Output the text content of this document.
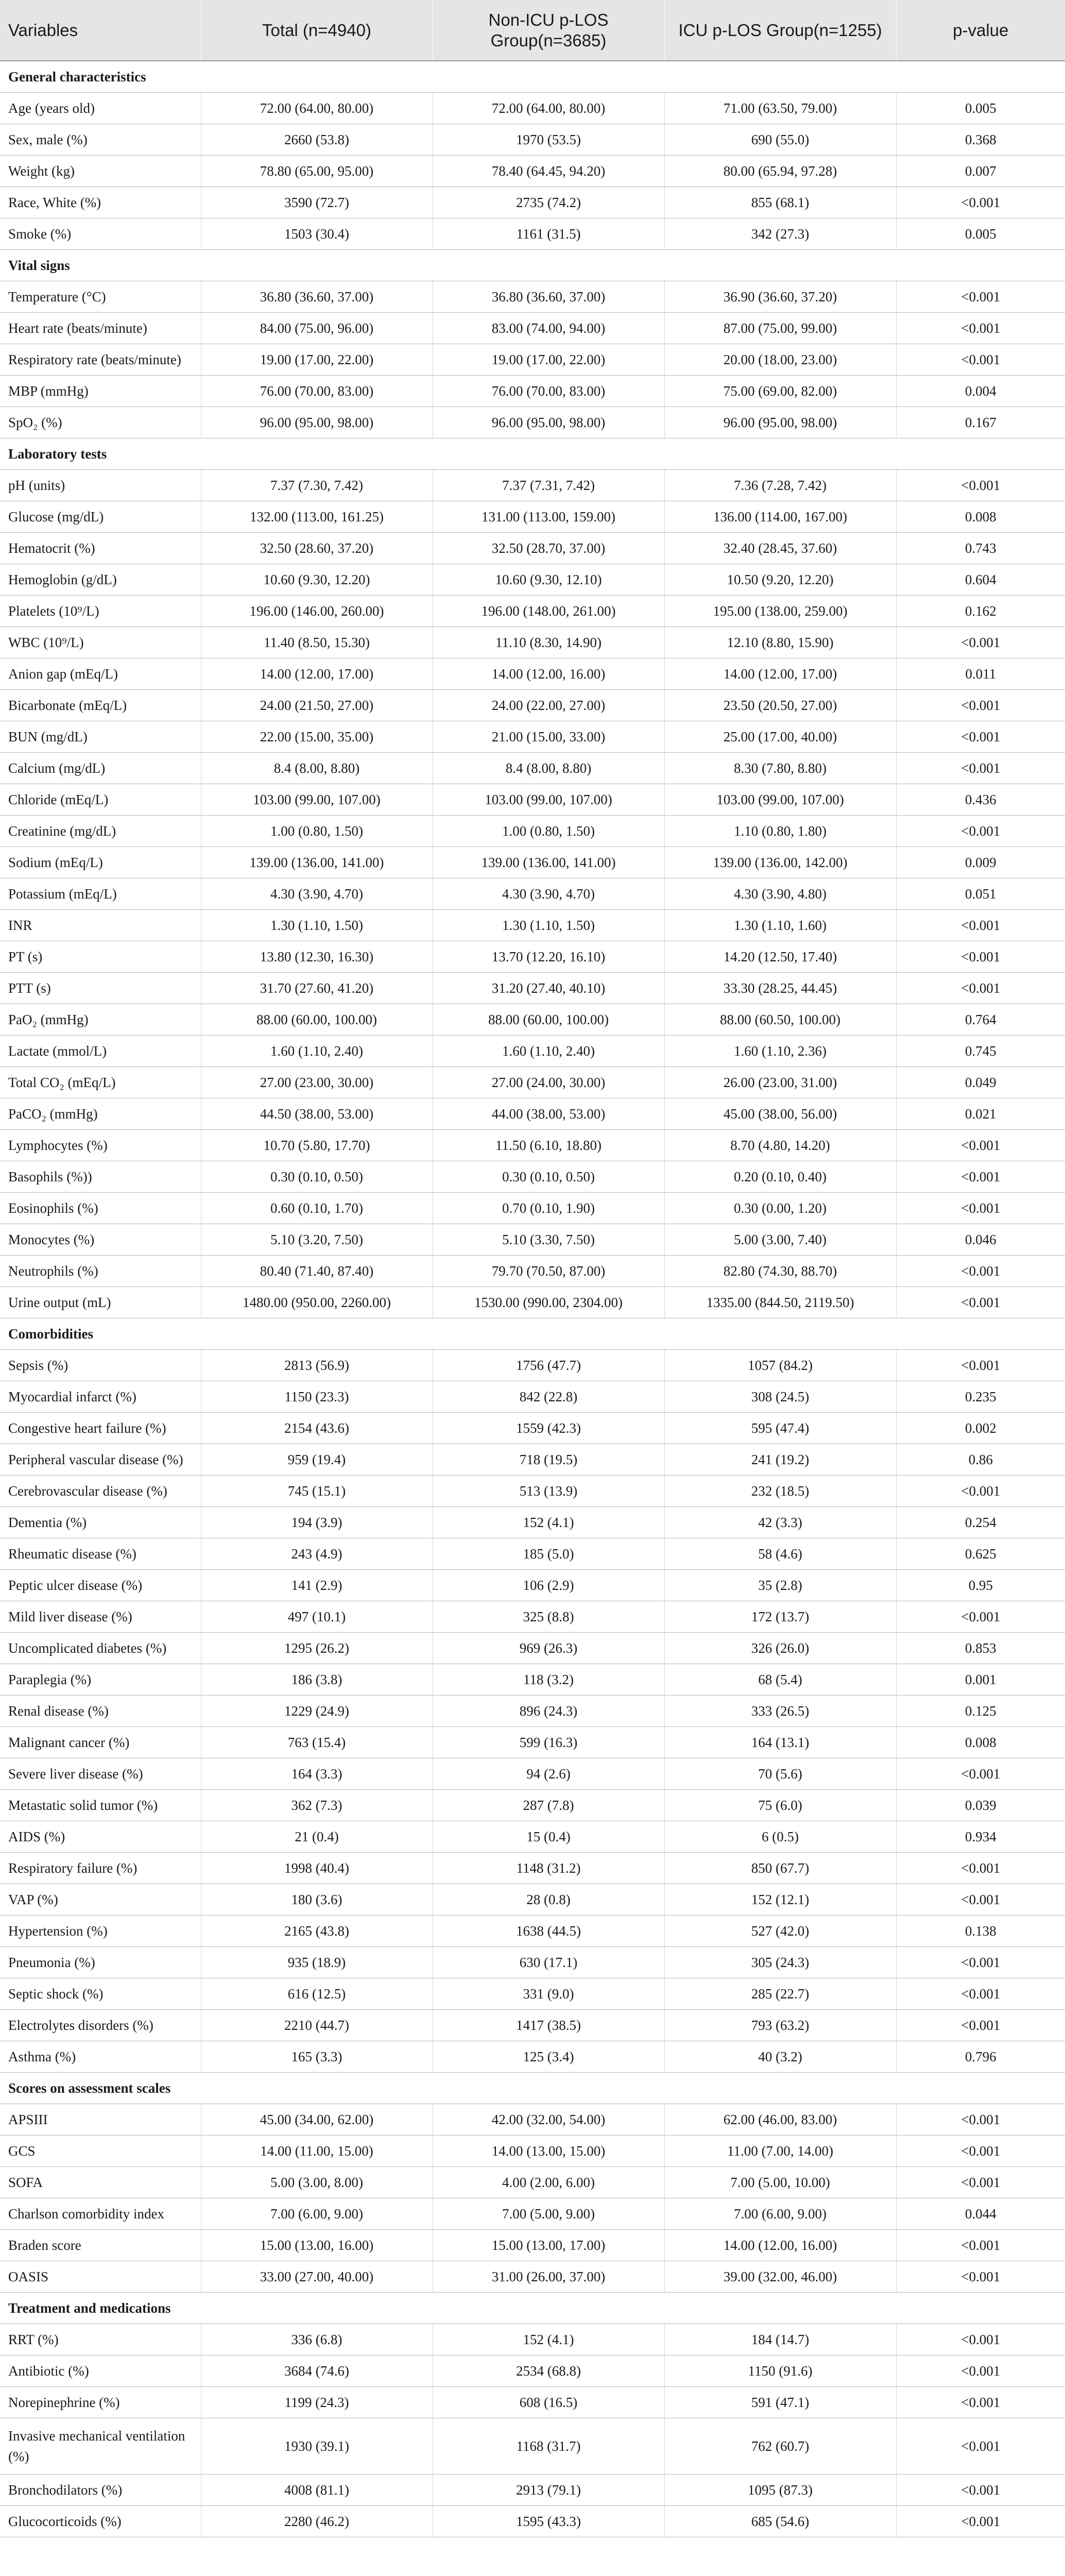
Variables	Total (n=4940)	Non-ICU p-LOS Group(n=3685)	ICU p-LOS Group(n=1255)	p-value
General characteristics				
Age (years old)	72.00 (64.00, 80.00)	72.00 (64.00, 80.00)	71.00 (63.50, 79.00)	0.005
Sex, male (%)	2660 (53.8)	1970 (53.5)	690 (55.0)	0.368
Weight (kg)	78.80 (65.00, 95.00)	78.40 (64.45, 94.20)	80.00 (65.94, 97.28)	0.007
Race, White (%)	3590 (72.7)	2735 (74.2)	855 (68.1)	<0.001
Smoke (%)	1503 (30.4)	1161 (31.5)	342 (27.3)	0.005
Vital signs				
Temperature (°C)	36.80 (36.60, 37.00)	36.80 (36.60, 37.00)	36.90 (36.60, 37.20)	<0.001
Heart rate (beats/minute)	84.00 (75.00, 96.00)	83.00 (74.00, 94.00)	87.00 (75.00, 99.00)	<0.001
Respiratory rate (beats/minute)	19.00 (17.00, 22.00)	19.00 (17.00, 22.00)	20.00 (18.00, 23.00)	<0.001
MBP (mmHg)	76.00 (70.00, 83.00)	76.00 (70.00, 83.00)	75.00 (69.00, 82.00)	0.004
SpO₂ (%)	96.00 (95.00, 98.00)	96.00 (95.00, 98.00)	96.00 (95.00, 98.00)	0.167
Laboratory tests				
pH (units)	7.37 (7.30, 7.42)	7.37 (7.31, 7.42)	7.36 (7.28, 7.42)	<0.001
Glucose (mg/dL)	132.00 (113.00, 161.25)	131.00 (113.00, 159.00)	136.00 (114.00, 167.00)	0.008
Hematocrit (%)	32.50 (28.60, 37.20)	32.50 (28.70, 37.00)	32.40 (28.45, 37.60)	0.743
Hemoglobin (g/dL)	10.60 (9.30, 12.20)	10.60 (9.30, 12.10)	10.50 (9.20, 12.20)	0.604
Platelets (10⁹/L)	196.00 (146.00, 260.00)	196.00 (148.00, 261.00)	195.00 (138.00, 259.00)	0.162
WBC (10⁹/L)	11.40 (8.50, 15.30)	11.10 (8.30, 14.90)	12.10 (8.80, 15.90)	<0.001
Anion gap (mEq/L)	14.00 (12.00, 17.00)	14.00 (12.00, 16.00)	14.00 (12.00, 17.00)	0.011
Bicarbonate (mEq/L)	24.00 (21.50, 27.00)	24.00 (22.00, 27.00)	23.50 (20.50, 27.00)	<0.001
BUN (mg/dL)	22.00 (15.00, 35.00)	21.00 (15.00, 33.00)	25.00 (17.00, 40.00)	<0.001
Calcium (mg/dL)	8.4 (8.00, 8.80)	8.4 (8.00, 8.80)	8.30 (7.80, 8.80)	<0.001
Chloride (mEq/L)	103.00 (99.00, 107.00)	103.00 (99.00, 107.00)	103.00 (99.00, 107.00)	0.436
Creatinine (mg/dL)	1.00 (0.80, 1.50)	1.00 (0.80, 1.50)	1.10 (0.80, 1.80)	<0.001
Sodium (mEq/L)	139.00 (136.00, 141.00)	139.00 (136.00, 141.00)	139.00 (136.00, 142.00)	0.009
Potassium (mEq/L)	4.30 (3.90, 4.70)	4.30 (3.90, 4.70)	4.30 (3.90, 4.80)	0.051
INR	1.30 (1.10, 1.50)	1.30 (1.10, 1.50)	1.30 (1.10, 1.60)	<0.001
PT (s)	13.80 (12.30, 16.30)	13.70 (12.20, 16.10)	14.20 (12.50, 17.40)	<0.001
PTT (s)	31.70 (27.60, 41.20)	31.20 (27.40, 40.10)	33.30 (28.25, 44.45)	<0.001
PaO₂ (mmHg)	88.00 (60.00, 100.00)	88.00 (60.00, 100.00)	88.00 (60.50, 100.00)	0.764
Lactate (mmol/L)	1.60 (1.10, 2.40)	1.60 (1.10, 2.40)	1.60 (1.10, 2.36)	0.745
Total CO₂ (mEq/L)	27.00 (23.00, 30.00)	27.00 (24.00, 30.00)	26.00 (23.00, 31.00)	0.049
PaCO₂ (mmHg)	44.50 (38.00, 53.00)	44.00 (38.00, 53.00)	45.00 (38.00, 56.00)	0.021
Lymphocytes (%)	10.70 (5.80, 17.70)	11.50 (6.10, 18.80)	8.70 (4.80, 14.20)	<0.001
Basophils (%))	0.30 (0.10, 0.50)	0.30 (0.10, 0.50)	0.20 (0.10, 0.40)	<0.001
Eosinophils (%)	0.60 (0.10, 1.70)	0.70 (0.10, 1.90)	0.30 (0.00, 1.20)	<0.001
Monocytes (%)	5.10 (3.20, 7.50)	5.10 (3.30, 7.50)	5.00 (3.00, 7.40)	0.046
Neutrophils (%)	80.40 (71.40, 87.40)	79.70 (70.50, 87.00)	82.80 (74.30, 88.70)	<0.001
Urine output (mL)	1480.00 (950.00, 2260.00)	1530.00 (990.00, 2304.00)	1335.00 (844.50, 2119.50)	<0.001
Comorbidities				
Sepsis (%)	2813 (56.9)	1756 (47.7)	1057 (84.2)	<0.001
Myocardial infarct (%)	1150 (23.3)	842 (22.8)	308 (24.5)	0.235
Congestive heart failure (%)	2154 (43.6)	1559 (42.3)	595 (47.4)	0.002
Peripheral vascular disease (%)	959 (19.4)	718 (19.5)	241 (19.2)	0.86
Cerebrovascular disease (%)	745 (15.1)	513 (13.9)	232 (18.5)	<0.001
Dementia (%)	194 (3.9)	152 (4.1)	42 (3.3)	0.254
Rheumatic disease (%)	243 (4.9)	185 (5.0)	58 (4.6)	0.625
Peptic ulcer disease (%)	141 (2.9)	106 (2.9)	35 (2.8)	0.95
Mild liver disease (%)	497 (10.1)	325 (8.8)	172 (13.7)	<0.001
Uncomplicated diabetes (%)	1295 (26.2)	969 (26.3)	326 (26.0)	0.853
Paraplegia (%)	186 (3.8)	118 (3.2)	68 (5.4)	0.001
Renal disease (%)	1229 (24.9)	896 (24.3)	333 (26.5)	0.125
Malignant cancer (%)	763 (15.4)	599 (16.3)	164 (13.1)	0.008
Severe liver disease (%)	164 (3.3)	94 (2.6)	70 (5.6)	<0.001
Metastatic solid tumor (%)	362 (7.3)	287 (7.8)	75 (6.0)	0.039
AIDS (%)	21 (0.4)	15 (0.4)	6 (0.5)	0.934
Respiratory failure (%)	1998 (40.4)	1148 (31.2)	850 (67.7)	<0.001
VAP (%)	180 (3.6)	28 (0.8)	152 (12.1)	<0.001
Hypertension (%)	2165 (43.8)	1638 (44.5)	527 (42.0)	0.138
Pneumonia (%)	935 (18.9)	630 (17.1)	305 (24.3)	<0.001
Septic shock (%)	616 (12.5)	331 (9.0)	285 (22.7)	<0.001
Electrolytes disorders (%)	2210 (44.7)	1417 (38.5)	793 (63.2)	<0.001
Asthma (%)	165 (3.3)	125 (3.4)	40 (3.2)	0.796
Scores on assessment scales				
APSIII	45.00 (34.00, 62.00)	42.00 (32.00, 54.00)	62.00 (46.00, 83.00)	<0.001
GCS	14.00 (11.00, 15.00)	14.00 (13.00, 15.00)	11.00 (7.00, 14.00)	<0.001
SOFA	5.00 (3.00, 8.00)	4.00 (2.00, 6.00)	7.00 (5.00, 10.00)	<0.001
Charlson comorbidity index	7.00 (6.00, 9.00)	7.00 (5.00, 9.00)	7.00 (6.00, 9.00)	0.044
Braden score	15.00 (13.00, 16.00)	15.00 (13.00, 17.00)	14.00 (12.00, 16.00)	<0.001
OASIS	33.00 (27.00, 40.00)	31.00 (26.00, 37.00)	39.00 (32.00, 46.00)	<0.001
Treatment and medications				
RRT (%)	336 (6.8)	152 (4.1)	184 (14.7)	<0.001
Antibiotic (%)	3684 (74.6)	2534 (68.8)	1150 (91.6)	<0.001
Norepinephrine (%)	1199 (24.3)	608 (16.5)	591 (47.1)	<0.001
Invasive mechanical ventilation (%)	1930 (39.1)	1168 (31.7)	762 (60.7)	<0.001
Bronchodilators (%)	4008 (81.1)	2913 (79.1)	1095 (87.3)	<0.001
Glucocorticoids (%)	2280 (46.2)	1595 (43.3)	685 (54.6)	<0.001
